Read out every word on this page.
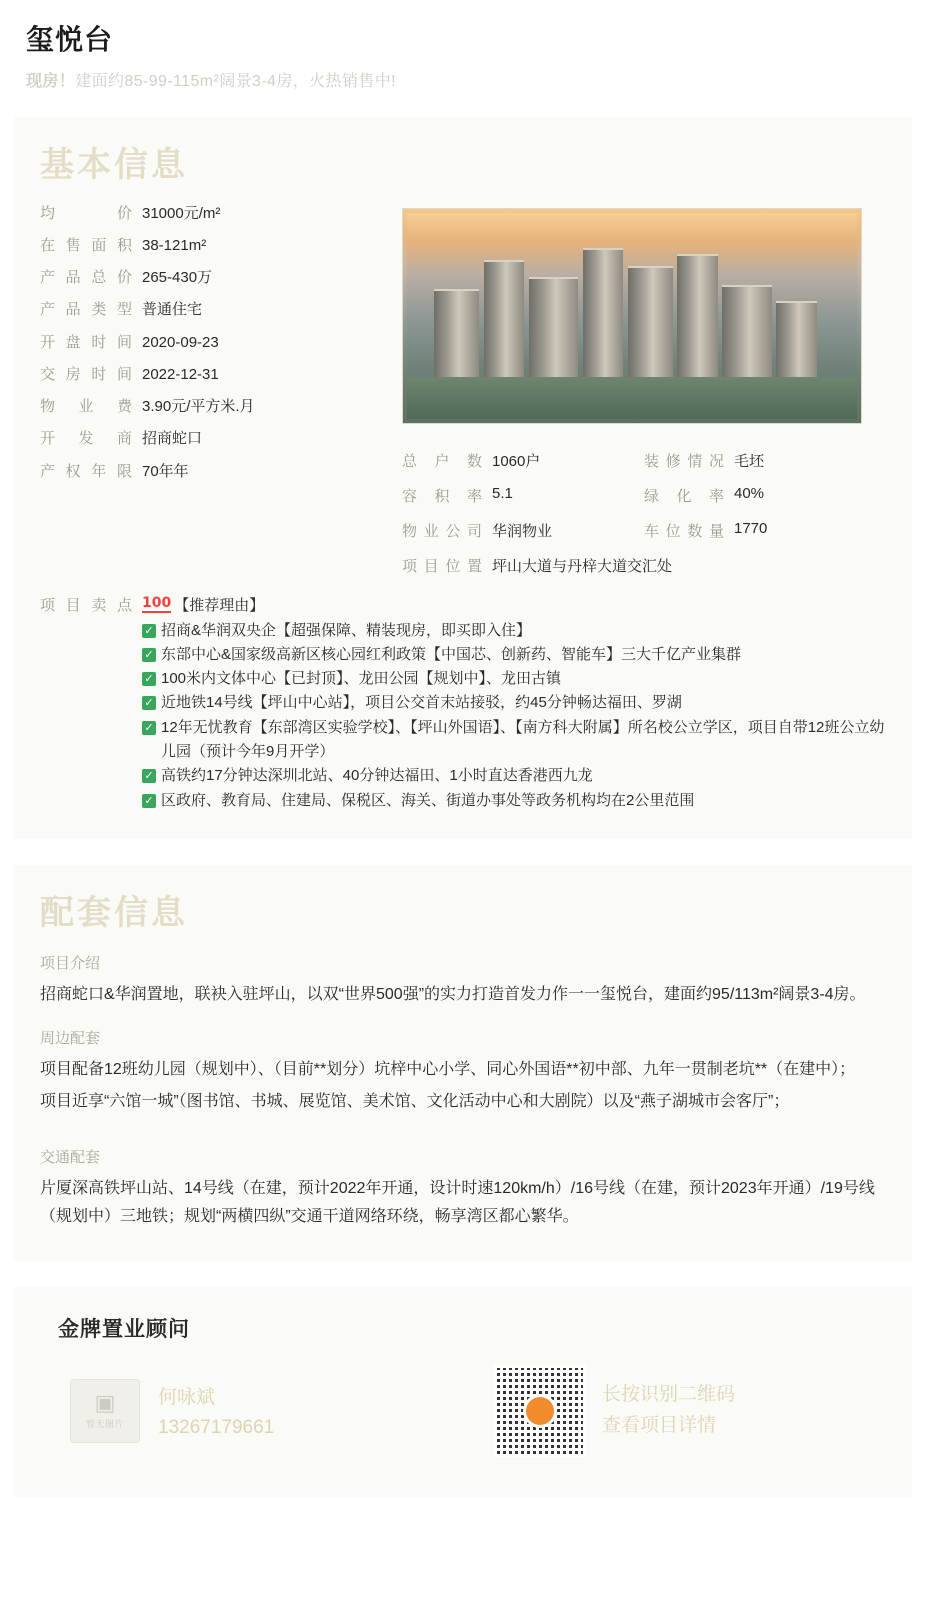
玺悦台
现房！建面约85-99-115m²阔景3-4房，火热销售中!
基本信息
均价 31000元/m²
在售面积 38-121m²
产品总价 265-430万
产品类型 普通住宅
开盘时间 2020-09-23
交房时间 2022-12-31
物业费 3.90元/平方米.月
开发商 招商蛇口
产权年限 70年年
总户数 1060户	装修情况 毛坯
容积率 5.1	绿化率 40%
物业公司 华润物业	车位数量 1770
项目位置 坪山大道与丹梓大道交汇处
项目卖点 100 【推荐理由】
✓ 招商&华润双央企【超强保障、精装现房，即买即入住】
✓ 东部中心&国家级高新区核心园红利政策【中国芯、创新药、智能车】三大千亿产业集群
✓ 100米内文体中心【已封顶】、龙田公园【规划中】、龙田古镇
✓ 近地铁14号线【坪山中心站】，项目公交首末站接驳，约45分钟畅达福田、罗湖
✓ 12年无忧教育【东部湾区实验学校】、【坪山外国语】、【南方科大附属】所名校公立学区，项目自带12班公立幼儿园（预计今年9月开学）
✓ 高铁约17分钟达深圳北站、40分钟达福田、1小时直达香港西九龙
✓ 区政府、教育局、住建局、保税区、海关、街道办事处等政务机构均在2公里范围
配套信息
项目介绍

招商蛇口&华润置地，联袂入驻坪山，以双“世界500强”的实力打造首发力作一一玺悦台，建面约95/113m²阔景3-4房。

周边配套

项目配备12班幼儿园（规划中）、（目前**划分）坑梓中心小学、同心外国语**初中部、九年一贯制老坑**（在建中）；

项目近享“六馆一城”（图书馆、书城、展览馆、美术馆、文化活动中心和大剧院）以及“燕子湖城市会客厅”；

交通配套

片厦深高铁坪山站、14号线（在建，预计2022年开通，设计时速120km/h）/16号线（在建，预计2023年开通）/19号线（规划中）三地铁；规划“两横四纵”交通干道网络环绕，畅享湾区都心繁华。

金牌置业顾问
▣
暂无图片
何咏斌
13267179661
长按识别二维码
查看项目详情
